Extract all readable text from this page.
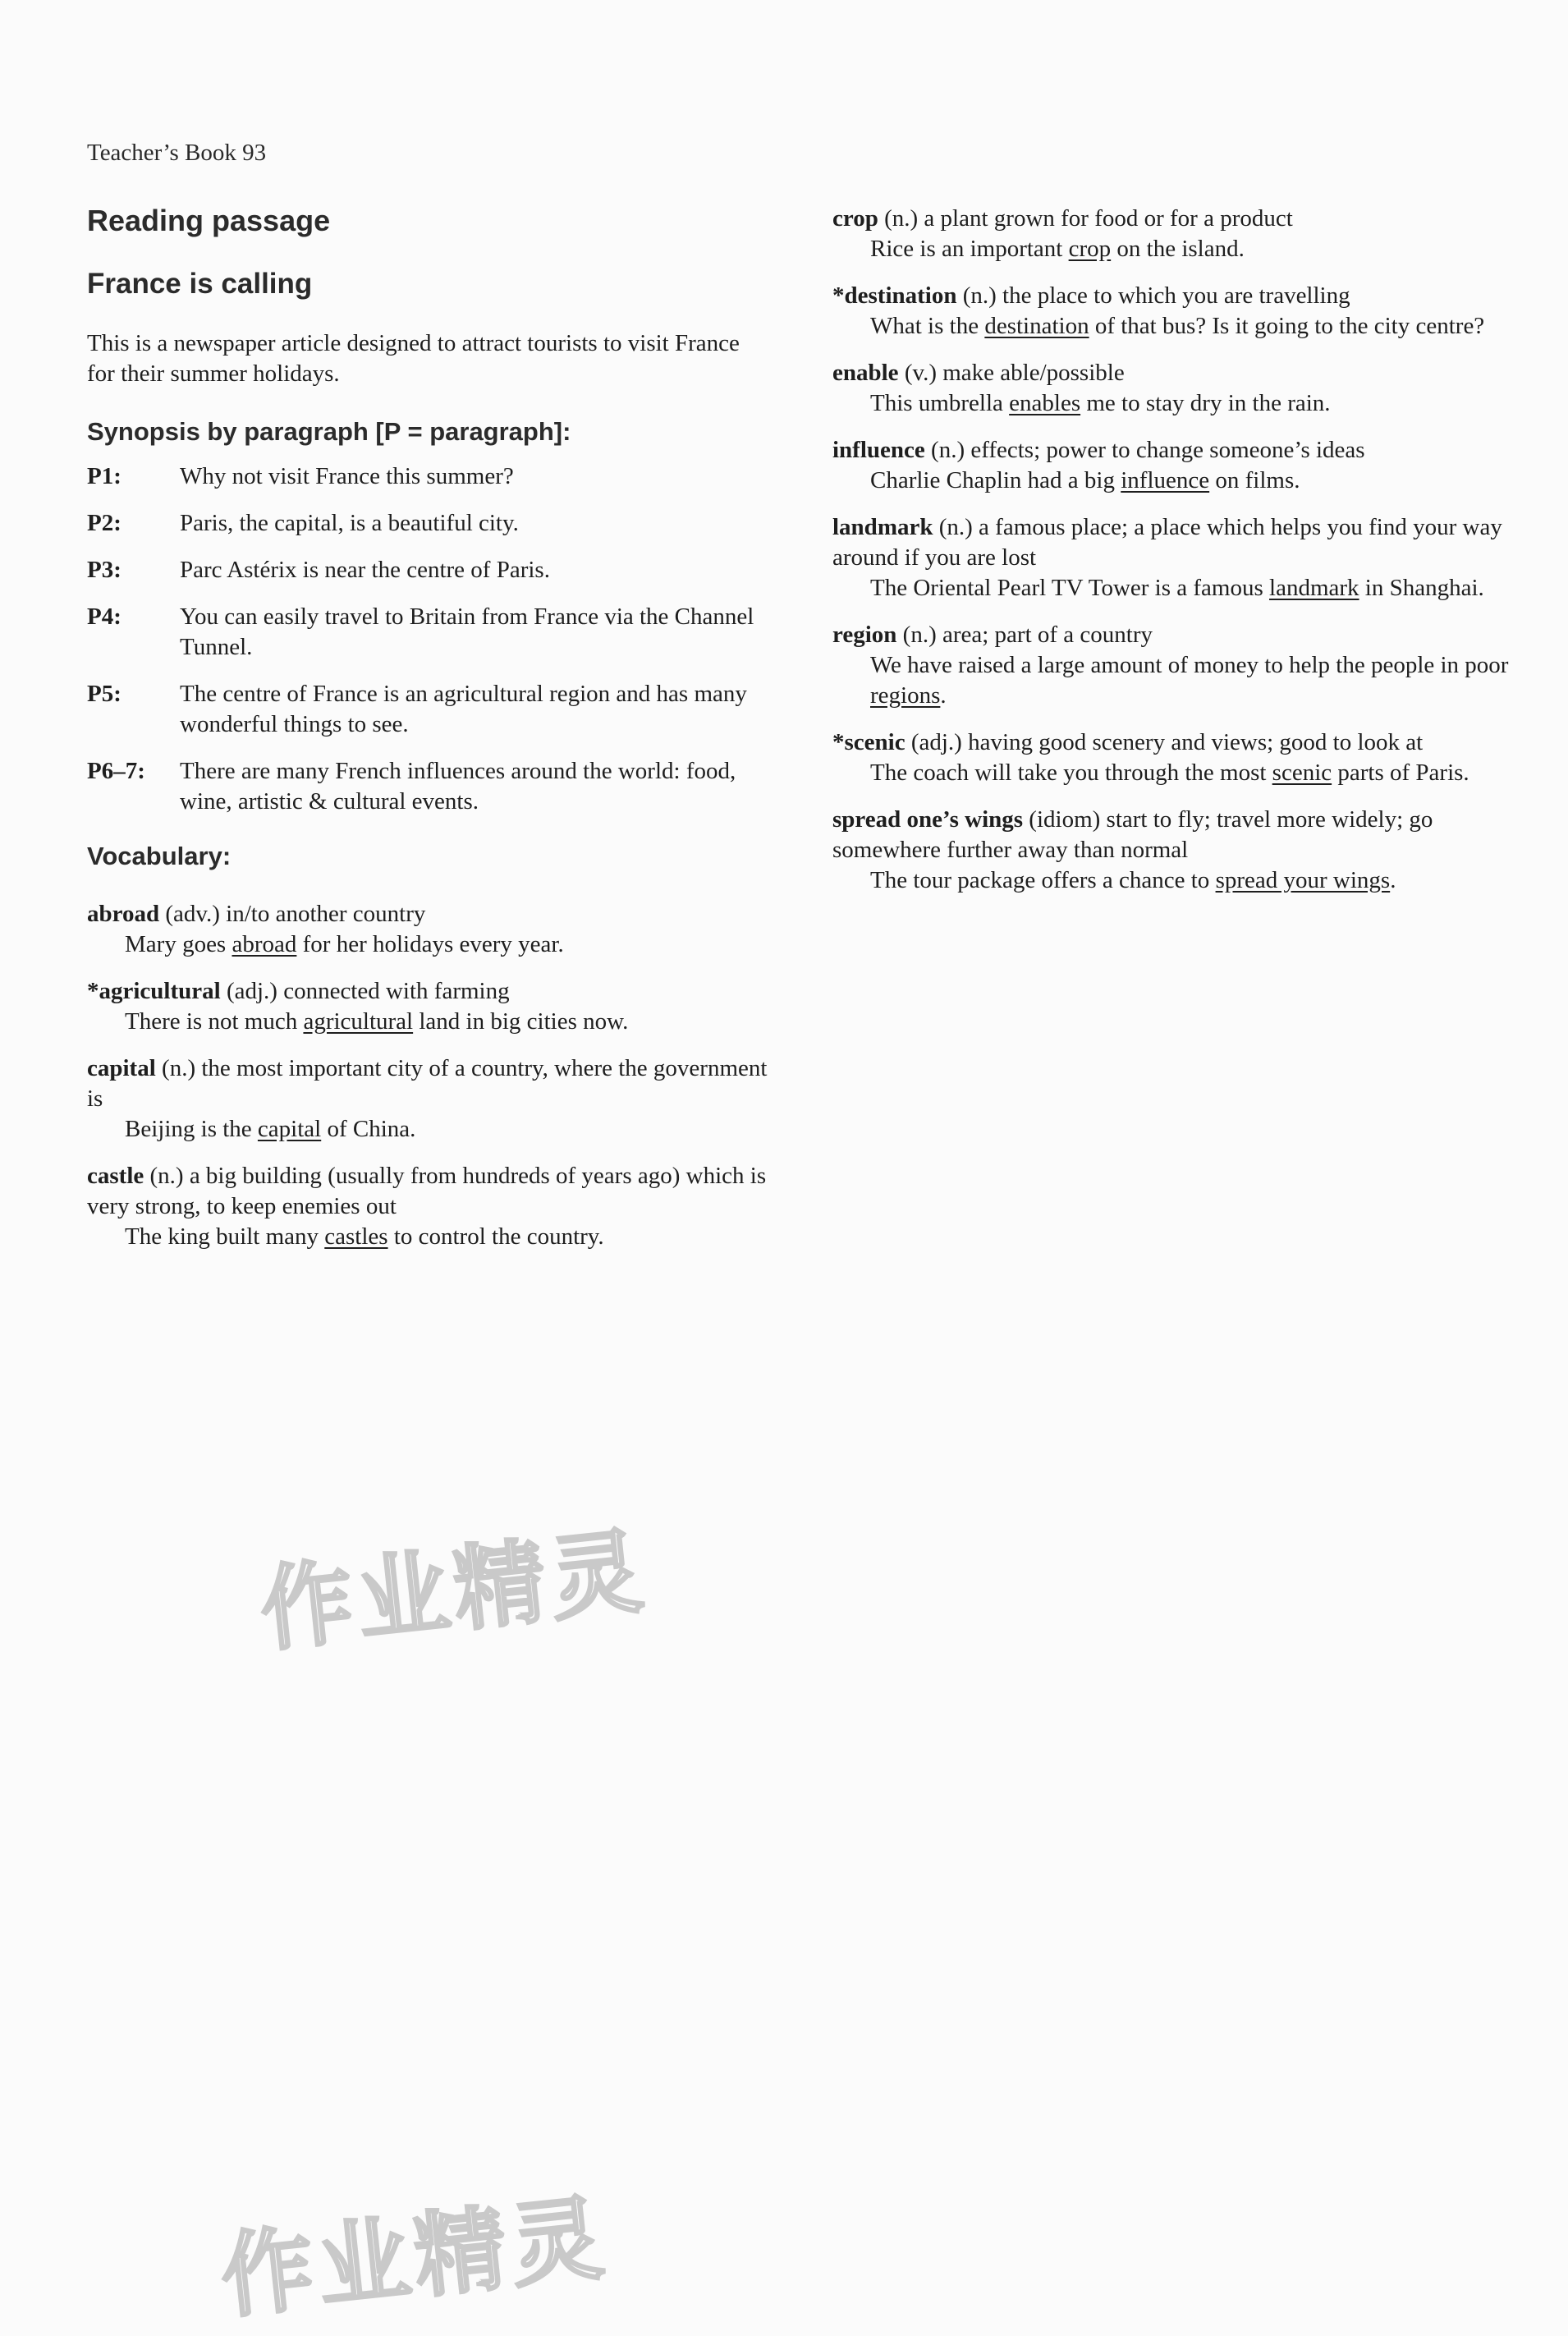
Teacher’s Book 93
Reading passage
France is calling

This is a newspaper article designed to attract tourists to visit France for their summer holidays.

Synopsis by paragraph [P = paragraph]:
P1:	Why not visit France this summer?
P2:	Paris, the capital, is a beautiful city.
P3:	Parc Astérix is near the centre of Paris.
P4:	You can easily travel to Britain from France via the Channel Tunnel.
P5:	The centre of France is an agricultural region and has many wonderful things to see.
P6–7:	There are many French influences around the world: food, wine, artistic & cultural events.
Vocabulary:
abroad (adv.) in/to another country
Mary goes abroad for her holidays every year.
*agricultural (adj.) connected with farming
There is not much agricultural land in big cities now.
capital (n.) the most important city of a country, where the government is
Beijing is the capital of China.
castle (n.) a big building (usually from hundreds of years ago) which is very strong, to keep enemies out
The king built many castles to control the country.
crop (n.) a plant grown for food or for a product
Rice is an important crop on the island.
*destination (n.) the place to which you are travelling
What is the destination of that bus? Is it going to the city centre?
enable (v.) make able/possible
This umbrella enables me to stay dry in the rain.
influence (n.) effects; power to change someone’s ideas
Charlie Chaplin had a big influence on films.
landmark (n.) a famous place; a place which helps you find your way around if you are lost
The Oriental Pearl TV Tower is a famous landmark in Shanghai.
region (n.) area; part of a country
We have raised a large amount of money to help the people in poor regions.
*scenic (adj.) having good scenery and views; good to look at
The coach will take you through the most scenic parts of Paris.
spread one’s wings (idiom) start to fly; travel more widely; go somewhere further away than normal
The tour package offers a chance to spread your wings.
作业精灵
作业精灵
